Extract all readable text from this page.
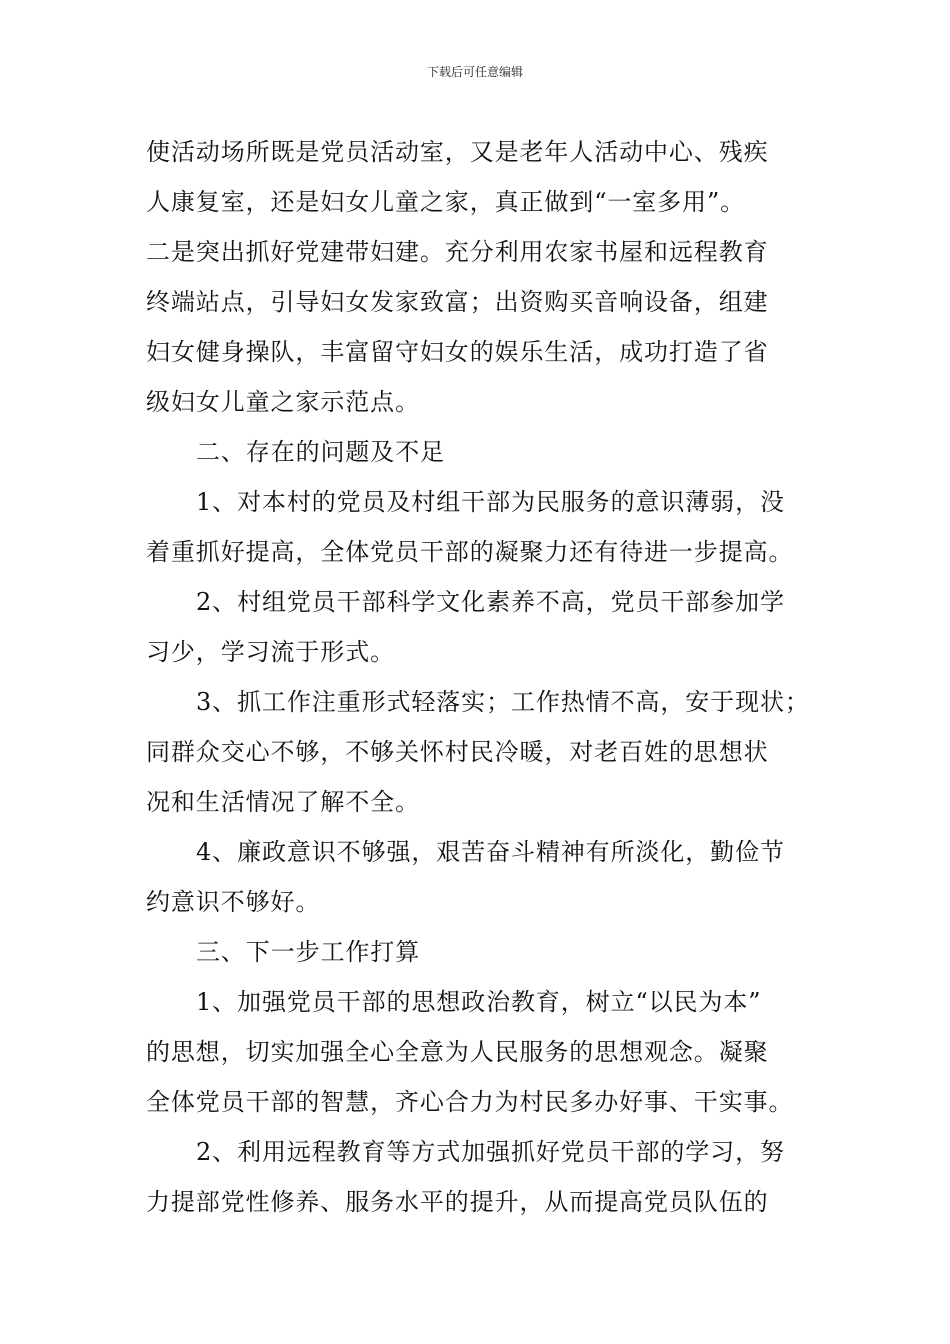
下载后可任意编辑

使活动场所既是党员活动室，又是老年人活动中心、残疾
人康复室，还是妇女儿童之家，真正做到“一室多用”。
二是突出抓好党建带妇建。充分利用农家书屋和远程教育
终端站点，引导妇女发家致富；出资购买音响设备，组建
妇女健身操队，丰富留守妇女的娱乐生活，成功打造了省
级妇女儿童之家示范点。

二、存在的问题及不足

1、对本村的党员及村组干部为民服务的意识薄弱，没
着重抓好提高，全体党员干部的凝聚力还有待进一步提高。

2、村组党员干部科学文化素养不高，党员干部参加学
习少，学习流于形式。

3、抓工作注重形式轻落实；工作热情不高，安于现状；
同群众交心不够，不够关怀村民冷暖，对老百姓的思想状
况和生活情况了解不全。

4、廉政意识不够强，艰苦奋斗精神有所淡化，勤俭节
约意识不够好。

三、下一步工作打算

1、加强党员干部的思想政治教育，树立“以民为本”
的思想，切实加强全心全意为人民服务的思想观念。凝聚
全体党员干部的智慧，齐心合力为村民多办好事、干实事。

2、利用远程教育等方式加强抓好党员干部的学习，努
力提部党性修养、服务水平的提升，从而提高党员队伍的
